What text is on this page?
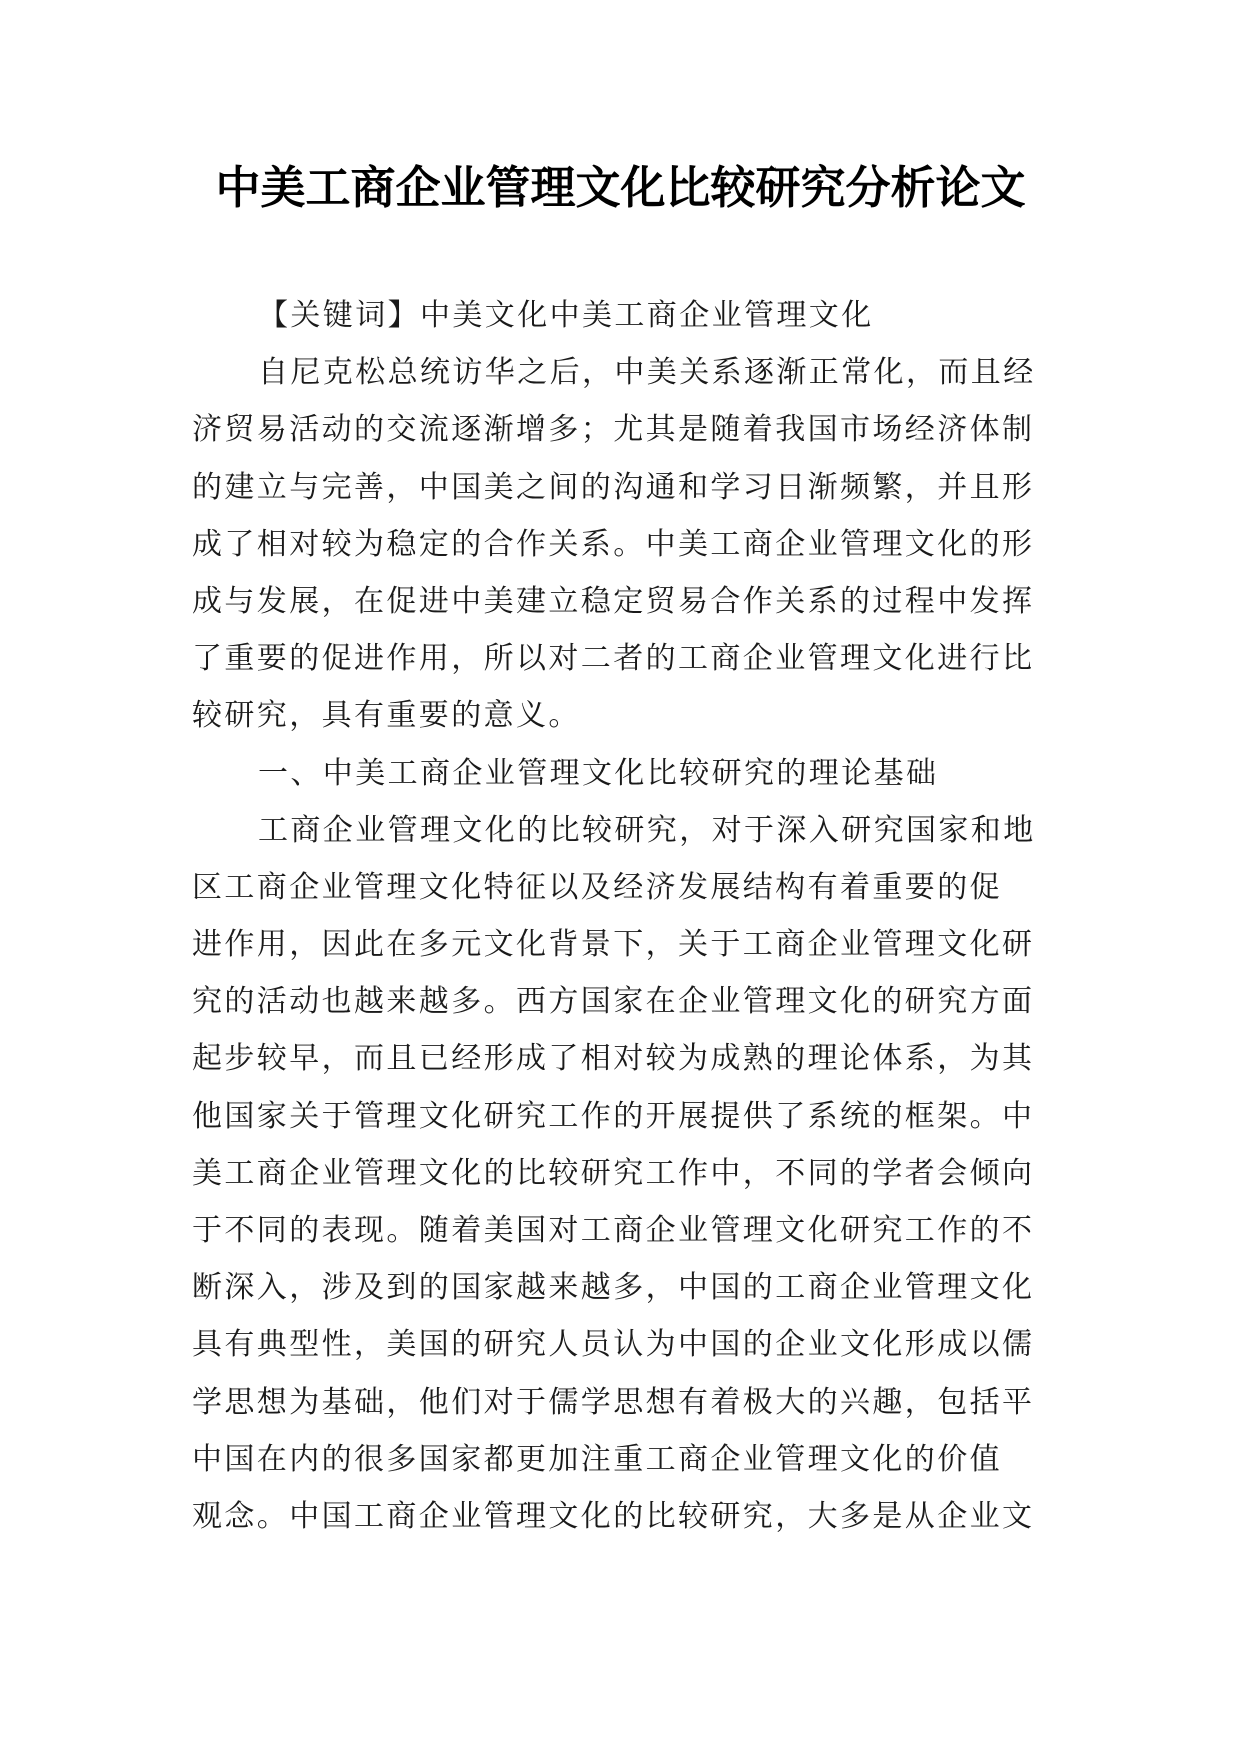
中美工商企业管理文化比较研究分析论文
【关键词】中美文化中美工商企业管理文化
自尼克松总统访华之后，中美关系逐渐正常化，而且经
济贸易活动的交流逐渐增多；尤其是随着我国市场经济体制
的建立与完善，中国美之间的沟通和学习日渐频繁，并且形
成了相对较为稳定的合作关系。中美工商企业管理文化的形
成与发展，在促进中美建立稳定贸易合作关系的过程中发挥
了重要的促进作用，所以对二者的工商企业管理文化进行比
较研究，具有重要的意义。
一、中美工商企业管理文化比较研究的理论基础
工商企业管理文化的比较研究，对于深入研究国家和地
区工商企业管理文化特征以及经济发展结构有着重要的促
进作用，因此在多元文化背景下，关于工商企业管理文化研
究的活动也越来越多。西方国家在企业管理文化的研究方面
起步较早，而且已经形成了相对较为成熟的理论体系，为其
他国家关于管理文化研究工作的开展提供了系统的框架。中
美工商企业管理文化的比较研究工作中，不同的学者会倾向
于不同的表现。随着美国对工商企业管理文化研究工作的不
断深入，涉及到的国家越来越多，中国的工商企业管理文化
具有典型性，美国的研究人员认为中国的企业文化形成以儒
学思想为基础，他们对于儒学思想有着极大的兴趣，包括平
中国在内的很多国家都更加注重工商企业管理文化的价值
观念。中国工商企业管理文化的比较研究，大多是从企业文
